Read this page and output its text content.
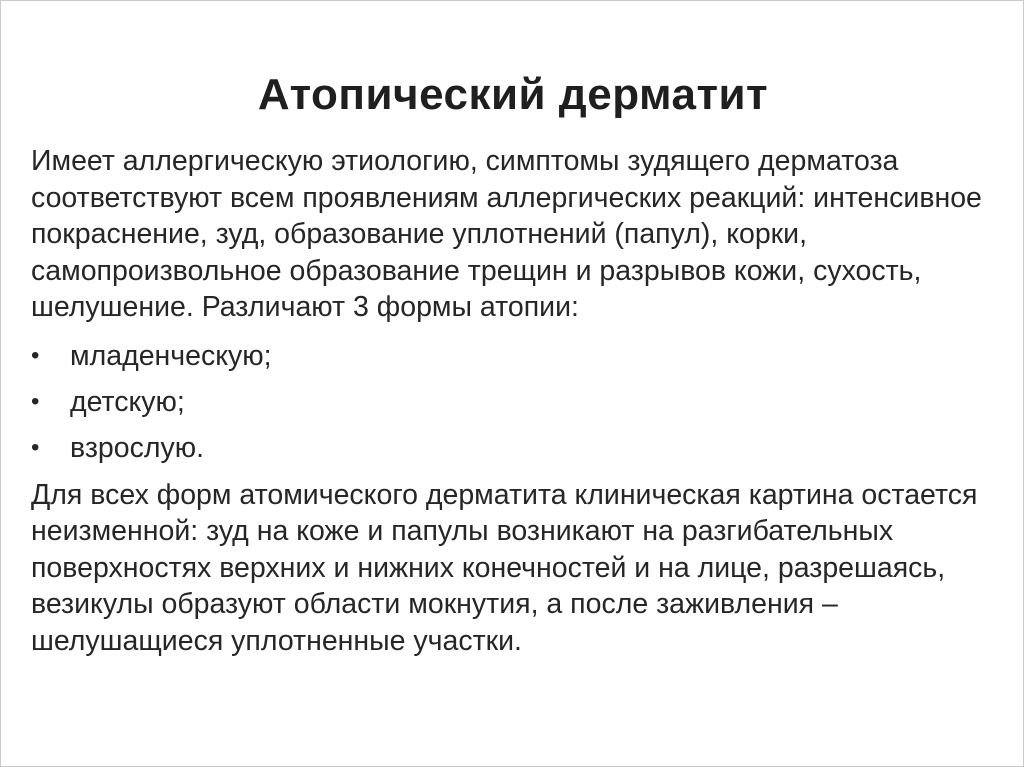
Атопический дерматит

Имеет аллергическую этиологию, симптомы зудящего дерматоза соответствуют всем проявлениям аллергических реакций: интенсивное покраснение, зуд, образование уплотнений (папул), корки, самопроизвольное образование трещин и разрывов кожи, сухость, шелушение. Различают 3 формы атопии:

• младенческую;
• детскую;
• взрослую.

Для всех форм атомического дерматита клиническая картина остается неизменной: зуд на коже и папулы возникают на разгибательных поверхностях верхних и нижних конечностей и на лице, разрешаясь, везикулы образуют области мокнутия, а после заживления – шелушащиеся уплотненные участки.
